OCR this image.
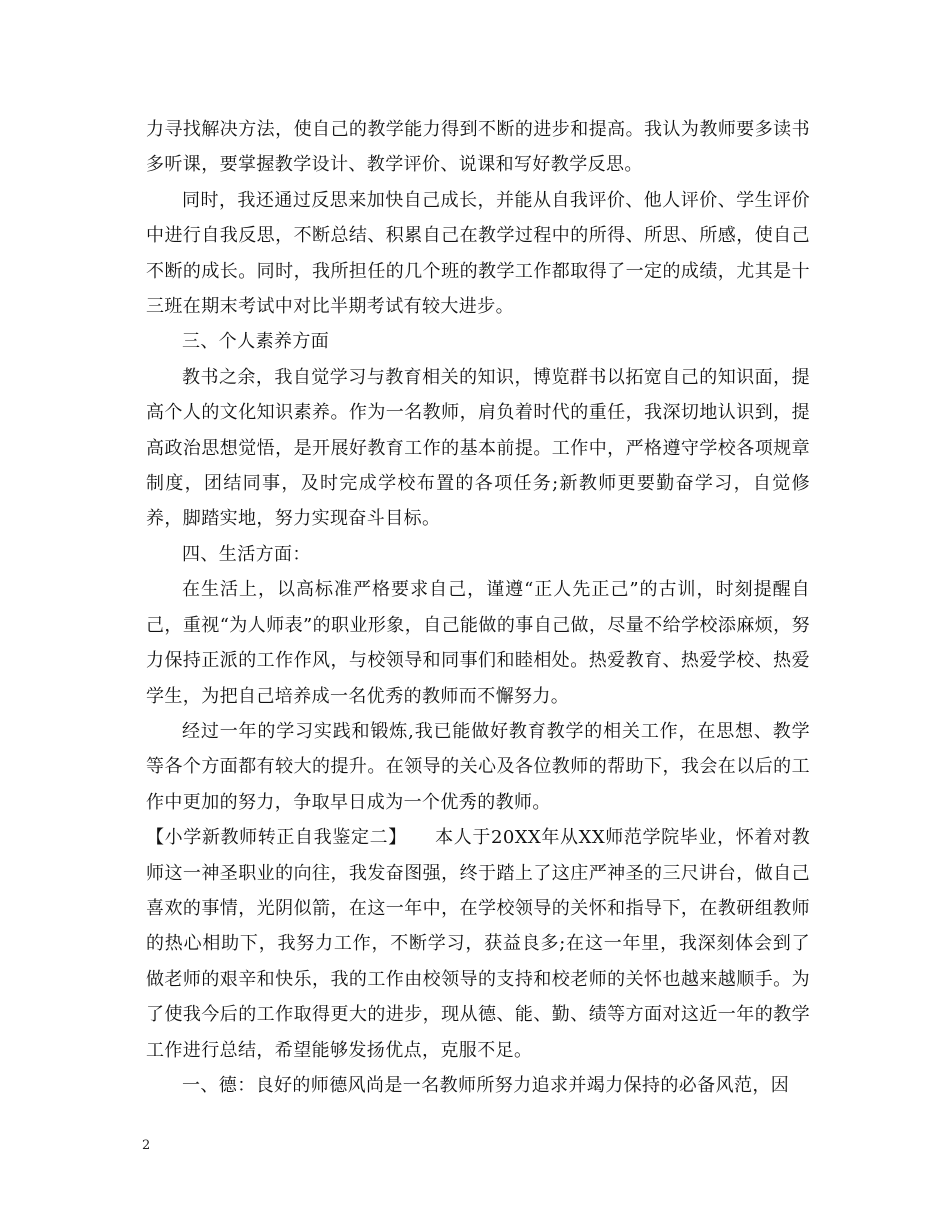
力寻找解决方法，使自己的教学能力得到不断的进步和提高。我认为教师要多读书多听课，要掌握教学设计、教学评价、说课和写好教学反思。

同时，我还通过反思来加快自己成长，并能从自我评价、他人评价、学生评价中进行自我反思，不断总结、积累自己在教学过程中的所得、所思、所感，使自己不断的成长。同时，我所担任的几个班的教学工作都取得了一定的成绩，尤其是十三班在期末考试中对比半期考试有较大进步。

三、个人素养方面

教书之余，我自觉学习与教育相关的知识，博览群书以拓宽自己的知识面，提高个人的文化知识素养。作为一名教师，肩负着时代的重任，我深切地认识到，提高政治思想觉悟，是开展好教育工作的基本前提。工作中，严格遵守学校各项规章制度，团结同事，及时完成学校布置的各项任务;新教师更要勤奋学习，自觉修养，脚踏实地，努力实现奋斗目标。

四、生活方面：

在生活上，以高标准严格要求自己，谨遵“正人先正己”的古训，时刻提醒自己，重视“为人师表”的职业形象，自己能做的事自己做，尽量不给学校添麻烦，努力保持正派的工作作风，与校领导和同事们和睦相处。热爱教育、热爱学校、热爱学生，为把自己培养成一名优秀的教师而不懈努力。

经过一年的学习实践和锻炼,我已能做好教育教学的相关工作，在思想、教学等各个方面都有较大的提升。在领导的关心及各位教师的帮助下，我会在以后的工作中更加的努力，争取早日成为一个优秀的教师。

【小学新教师转正自我鉴定二】　　本人于20XX年从XX师范学院毕业，怀着对教师这一神圣职业的向往，我发奋图强，终于踏上了这庄严神圣的三尺讲台，做自己喜欢的事情，光阴似箭，在这一年中，在学校领导的关怀和指导下，在教研组教师的热心相助下，我努力工作，不断学习，获益良多;在这一年里，我深刻体会到了做老师的艰辛和快乐，我的工作由校领导的支持和校老师的关怀也越来越顺手。为了使我今后的工作取得更大的进步，现从德、能、勤、绩等方面对这近一年的教学工作进行总结，希望能够发扬优点，克服不足。

一、德：良好的师德风尚是一名教师所努力追求并竭力保持的必备风范，因

2
